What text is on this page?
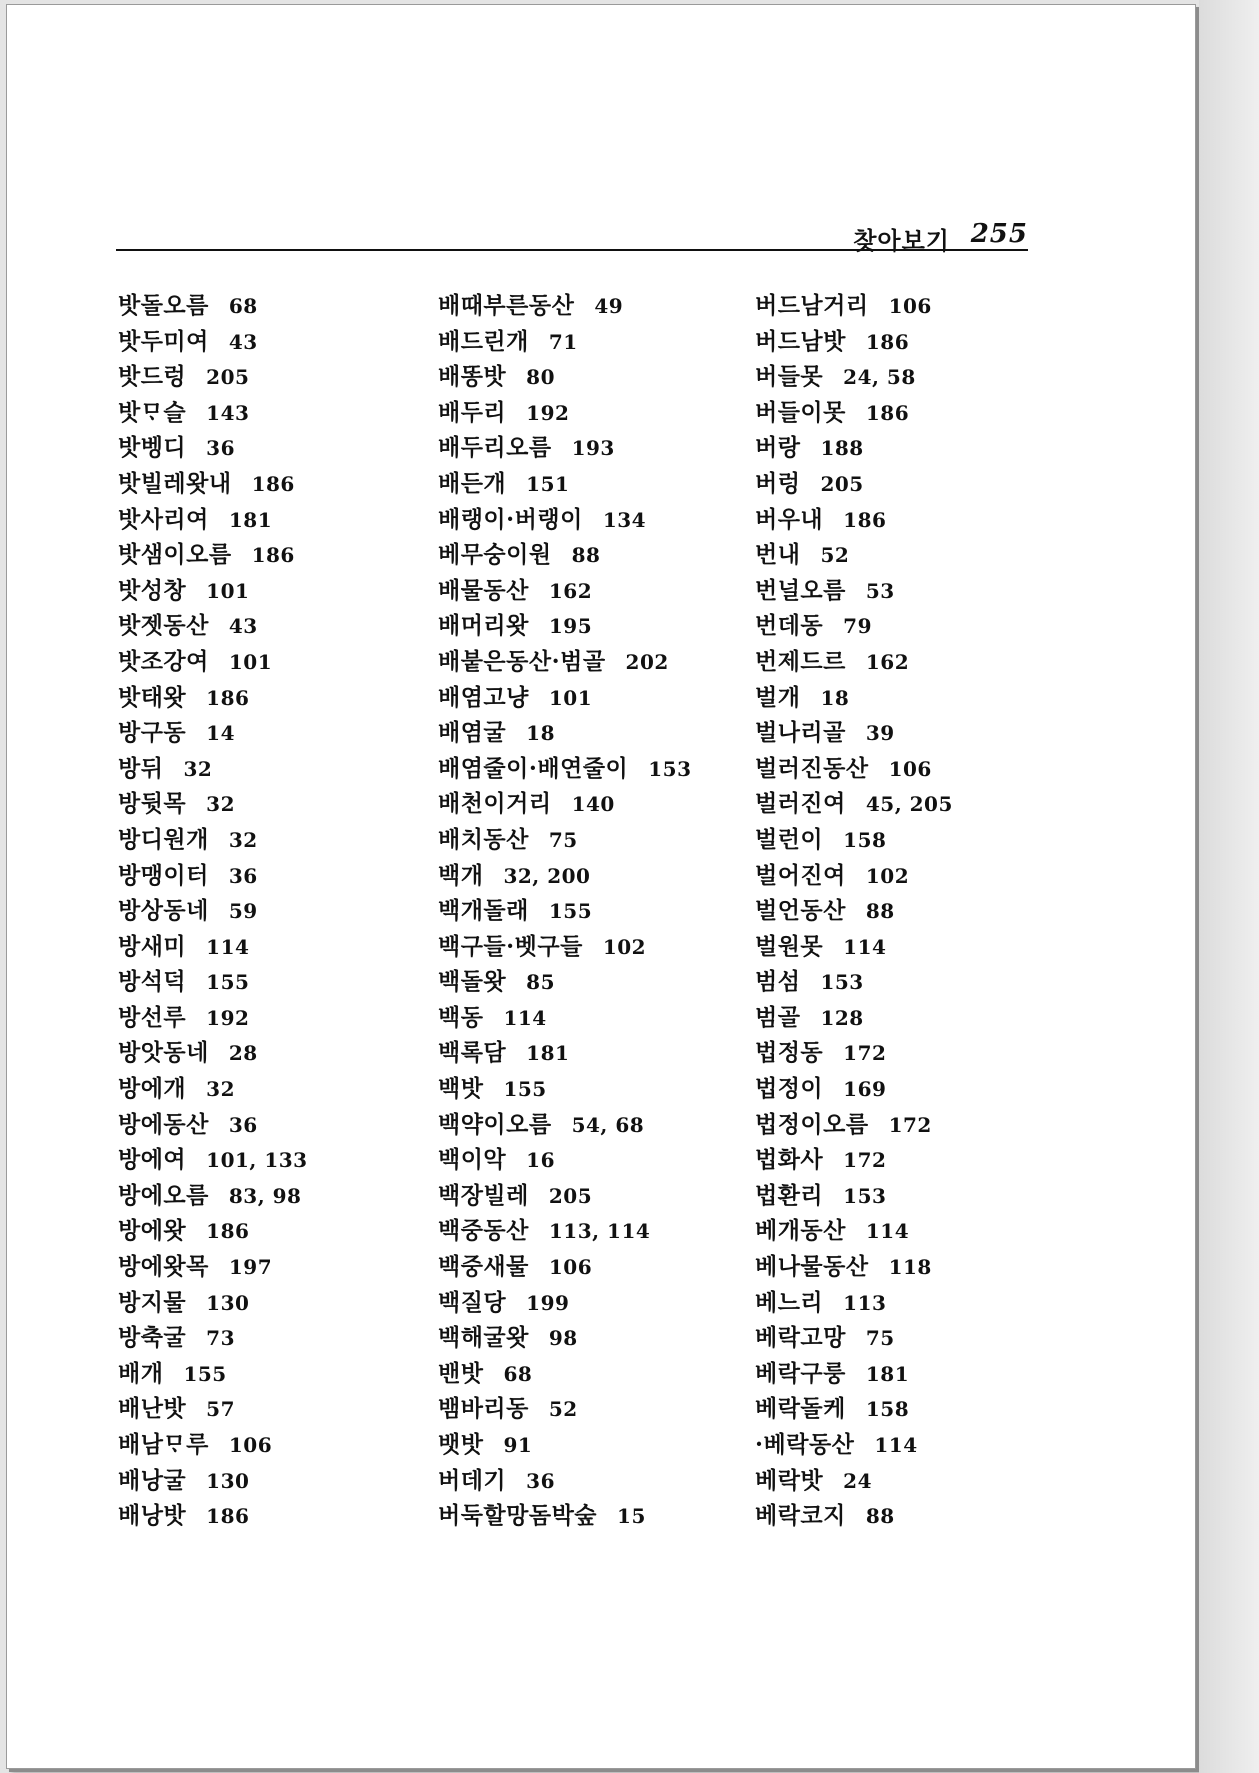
찾아보기 255
밧돌오름 68
밧두미여 43
밧드렁 205
밧ᄆᆞ슬 143
밧벵디 36
밧빌레왓내 186
밧사리여 181
밧샘이오름 186
밧성창 101
밧젯동산 43
밧조강여 101
밧태왓 186
방구동 14
방뒤 32
방뒷목 32
방디원개 32
방맹이터 36
방상동네 59
방새미 114
방석덕 155
방선루 192
방앗동네 28
방에개 32
방에동산 36
방에여 101, 133
방에오름 83, 98
방에왓 186
방에왓목 197
방지물 130
방축굴 73
배개 155
배난밧 57
배남ᄆᆞ루 106
배낭굴 130
배낭밧 186
배때부른동산 49
배드린개 71
배똥밧 80
배두리 192
배두리오름 193
배든개 151
배랭이·버랭이 134
베무숭이원 88
배물동산 162
배머리왓 195
배붙은동산·범골 202
배염고냥 101
배염굴 18
배염줄이·배연줄이 153
배천이거리 140
배치동산 75
백개 32, 200
백개돌래 155
백구들·벳구들 102
백돌왓 85
백동 114
백록담 181
백밧 155
백약이오름 54, 68
백이악 16
백장빌레 205
백중동산 113, 114
백중새물 106
백질당 199
백해굴왓 98
밴밧 68
뱀바리동 52
뱃밧 91
버데기 36
버둑할망돔박숲 15
버드남거리 106
버드남밧 186
버들못 24, 58
버들이못 186
버랑 188
버렁 205
버우내 186
번내 52
번널오름 53
번데동 79
번제드르 162
벌개 18
벌나리골 39
벌러진동산 106
벌러진여 45, 205
벌런이 158
벌어진여 102
벌언동산 88
벌원못 114
범섬 153
범골 128
법정동 172
법정이 169
법정이오름 172
법화사 172
법환리 153
베개동산 114
베나물동산 118
베느리 113
베락고망 75
베락구룽 181
베락돌케 158
·베락동산 114
베락밧 24
베락코지 88
